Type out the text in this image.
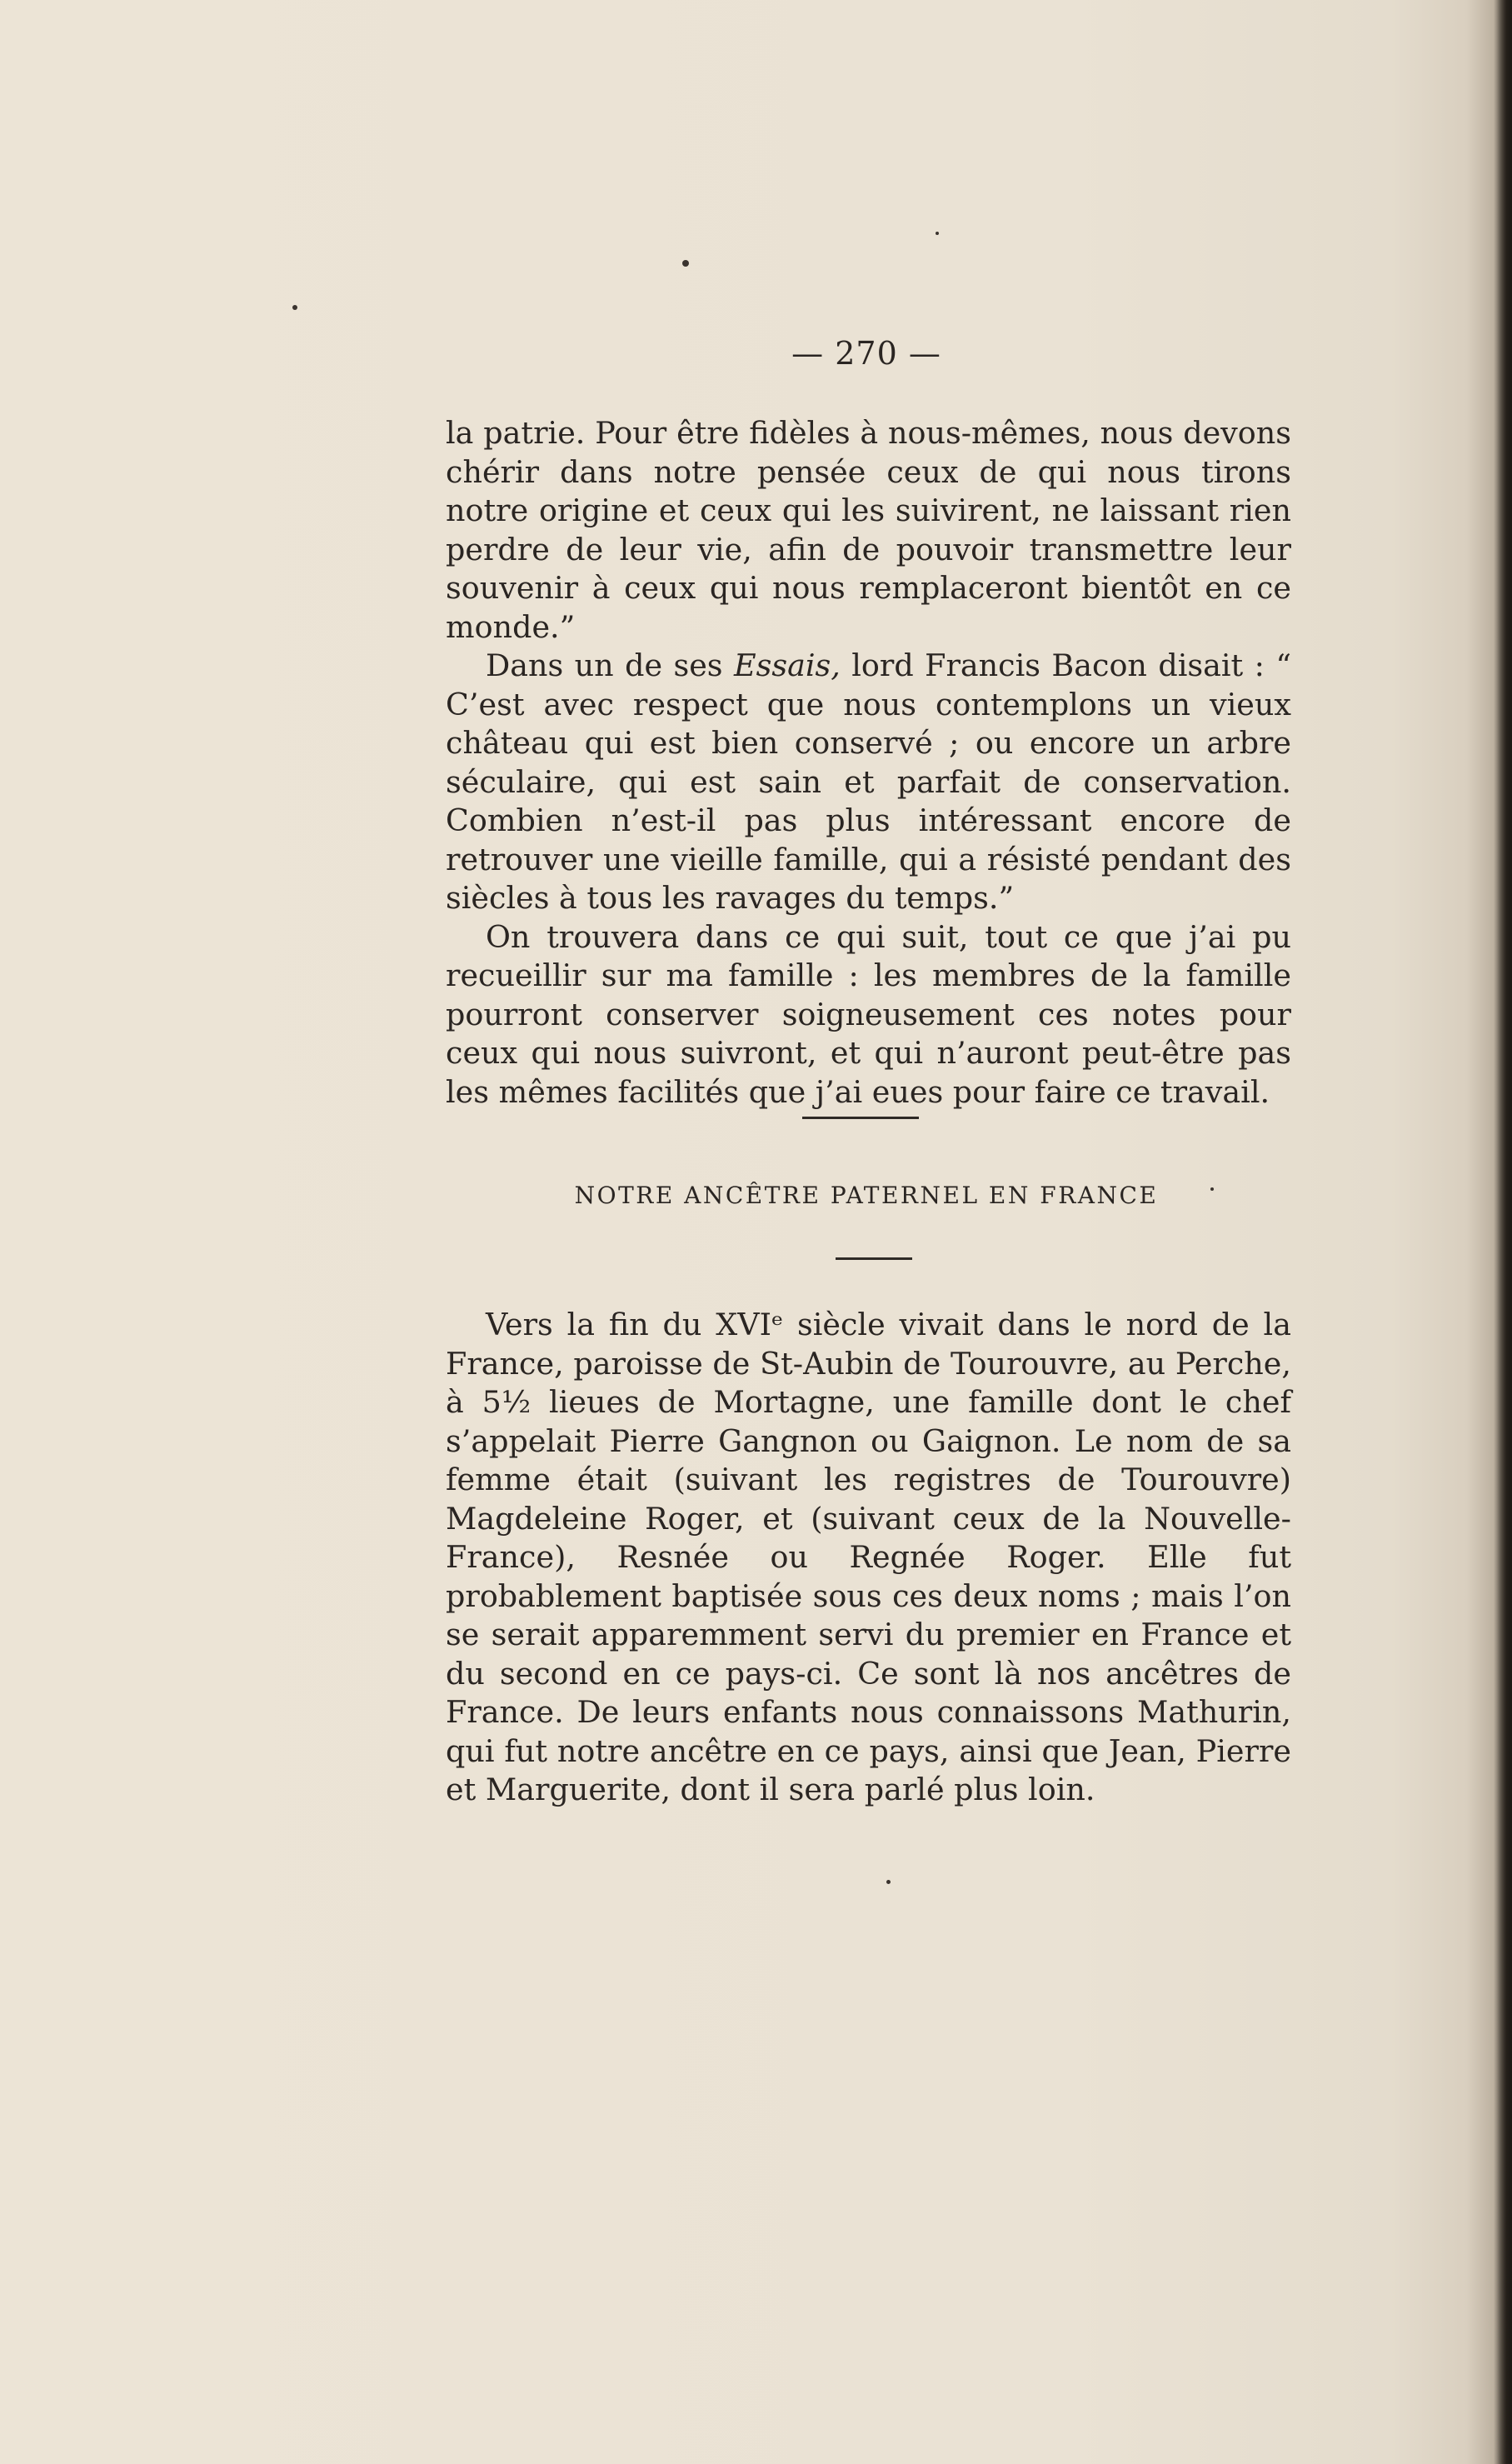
— 270 —

la patrie. Pour être fidèles à nous-mêmes, nous devons chérir dans notre pensée ceux de qui nous tirons notre origine et ceux qui les suivirent, ne laissant rien perdre de leur vie, afin de pouvoir transmettre leur souvenir à ceux qui nous remplaceront bientôt en ce monde.”

Dans un de ses Essais, lord Francis Bacon disait : “ C’est avec respect que nous contemplons un vieux château qui est bien conservé ; ou encore un arbre séculaire, qui est sain et parfait de conservation. Combien n’est-il pas plus intéressant encore de retrouver une vieille famille, qui a résisté pendant des siècles à tous les ravages du temps.”

On trouvera dans ce qui suit, tout ce que j’ai pu recueillir sur ma famille : les membres de la famille pourront conserver soigneusement ces notes pour ceux qui nous suivront, et qui n’auront peut-être pas les mêmes facilités que j’ai eues pour faire ce travail.

NOTRE ANCÊTRE PATERNEL EN FRANCE

Vers la fin du XVIᵉ siècle vivait dans le nord de la France, paroisse de St-Aubin de Tourouvre, au Perche, à 5½ lieues de Mortagne, une famille dont le chef s’appelait Pierre Gangnon ou Gaignon. Le nom de sa femme était (suivant les registres de Tourouvre) Magdeleine Roger, et (suivant ceux de la Nouvelle-France), Resnée ou Regnée Roger. Elle fut probablement baptisée sous ces deux noms ; mais l’on se serait apparemment servi du premier en France et du second en ce pays-ci. Ce sont là nos ancêtres de France. De leurs enfants nous connaissons Mathurin, qui fut notre ancêtre en ce pays, ainsi que Jean, Pierre et Marguerite, dont il sera parlé plus loin.
